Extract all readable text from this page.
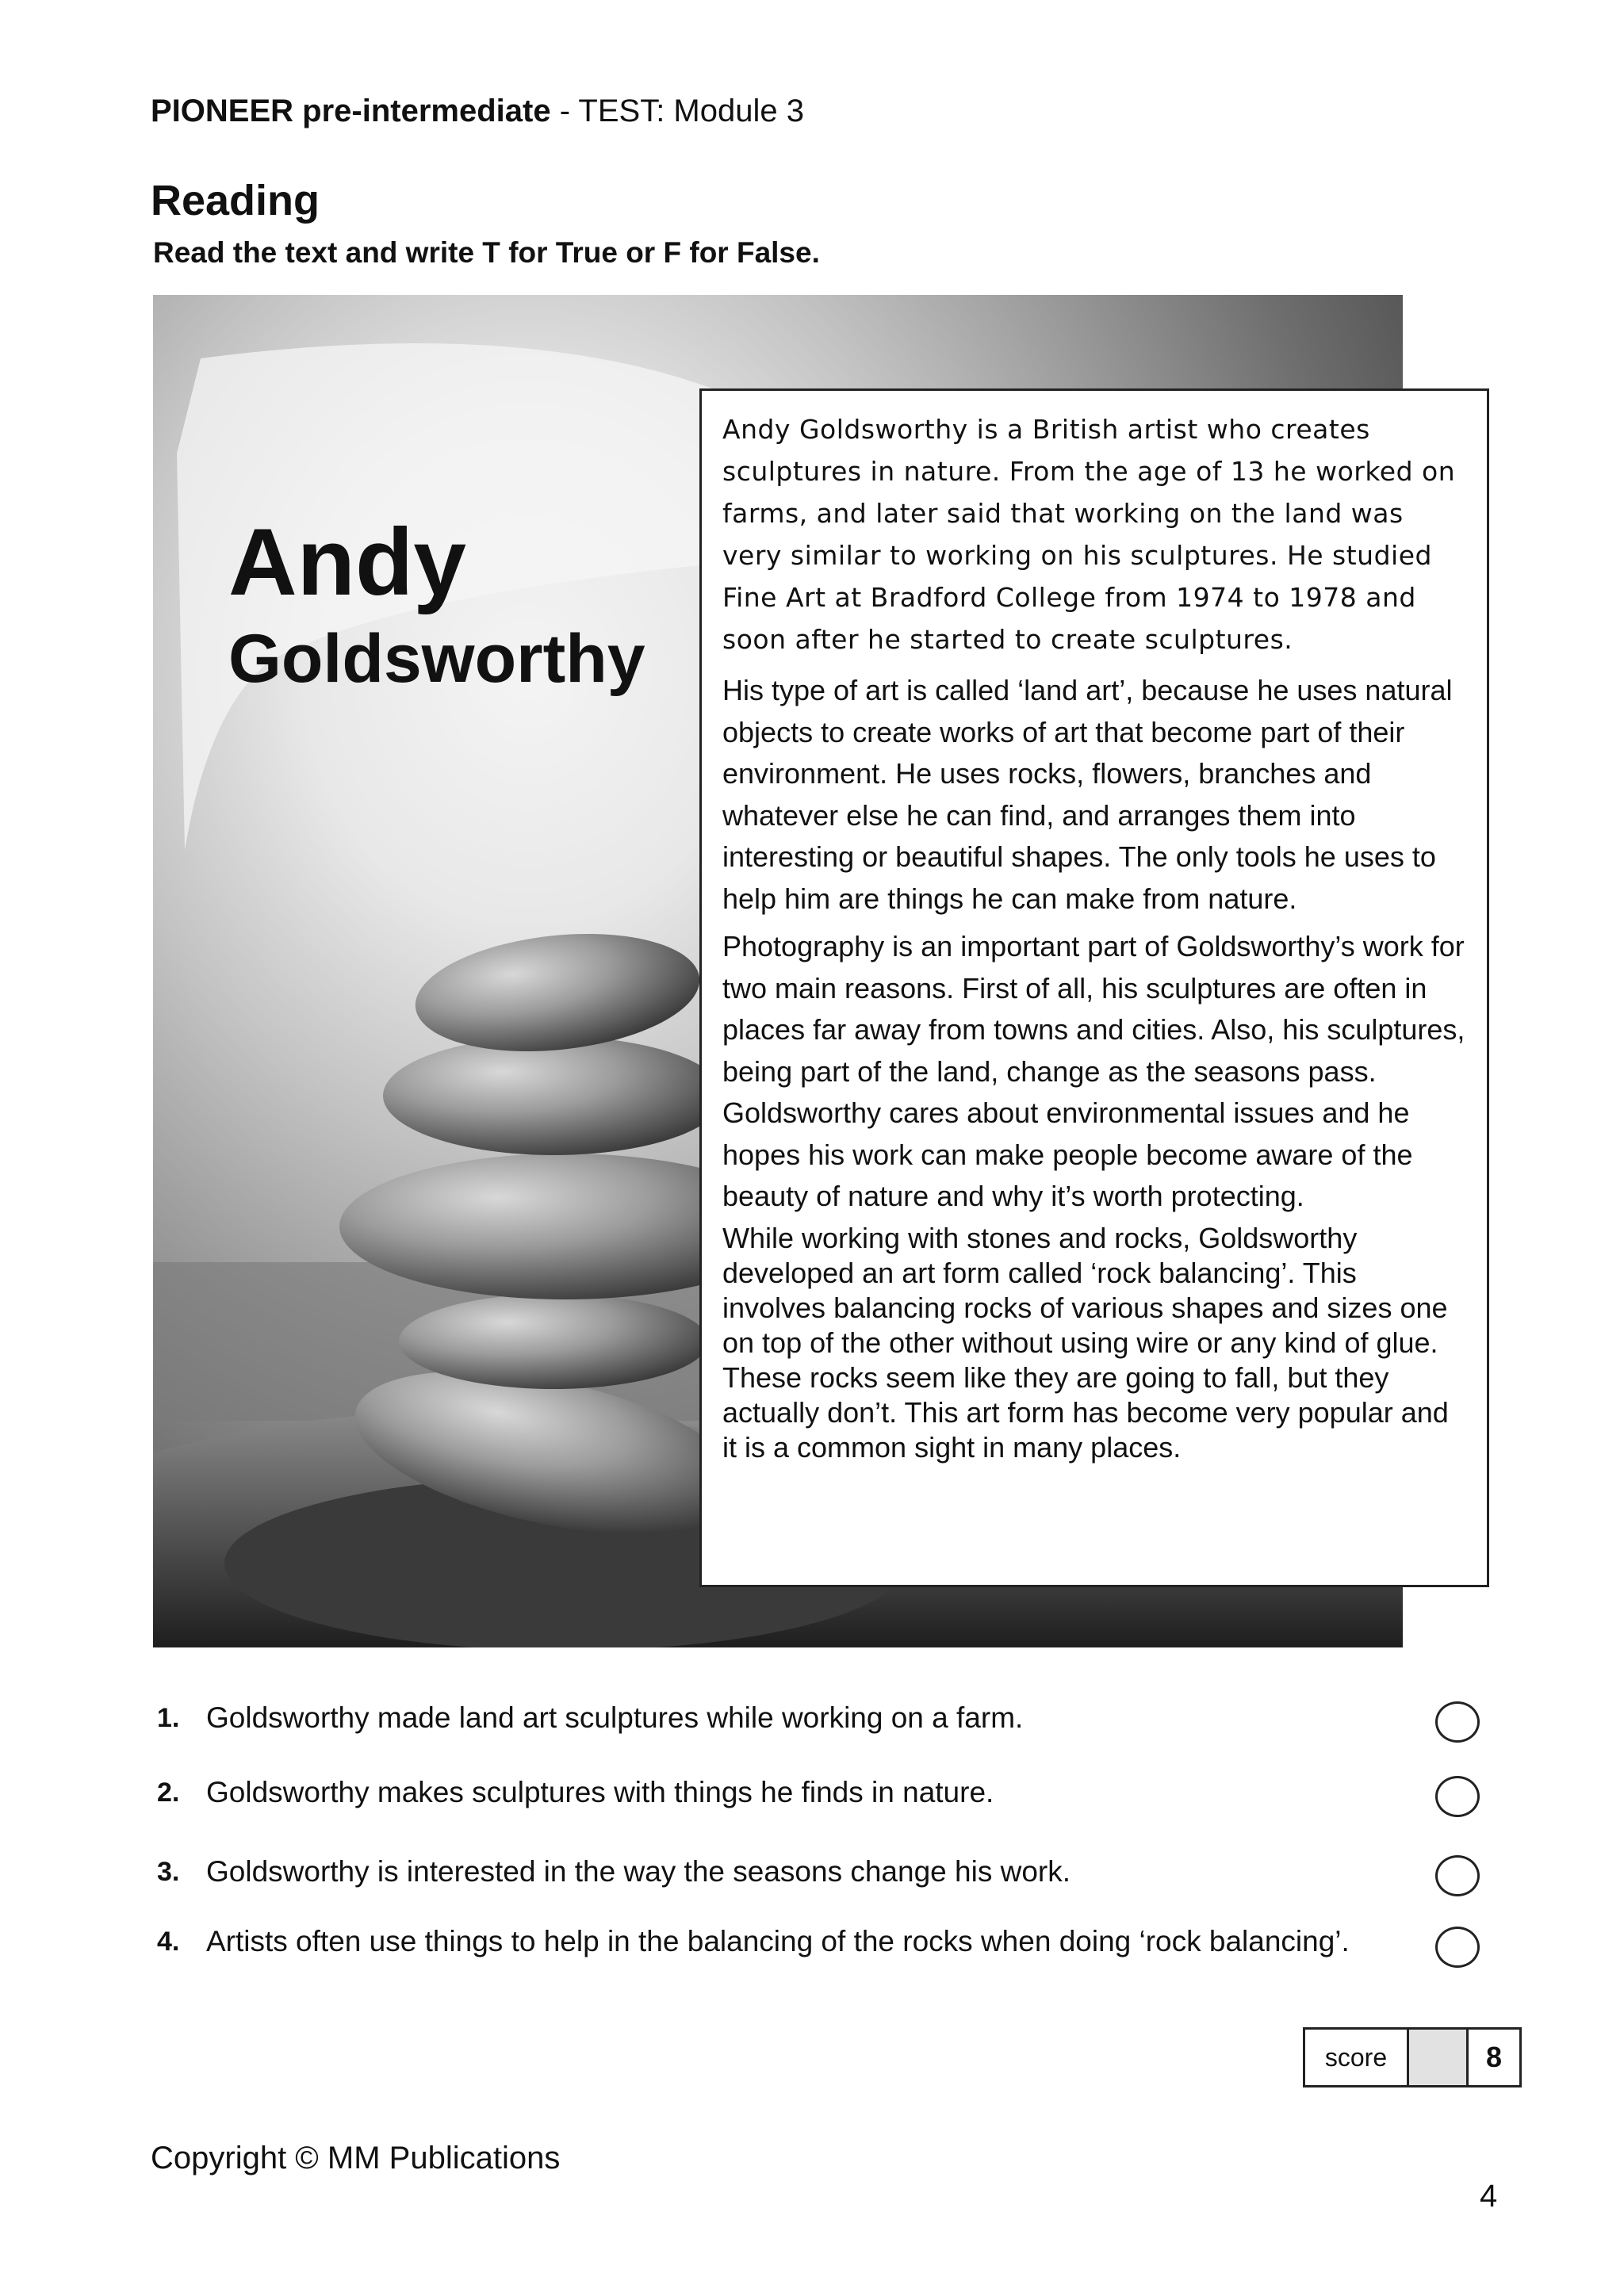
PIONEER pre-intermediate - TEST: Module 3
Reading
Read the text and write T for True or F for False.
Andy
Goldsworthy

Andy Goldsworthy is a British artist who creates sculptures in nature. From the age of 13 he worked on farms, and later said that working on the land was very similar to working on his sculptures. He studied Fine Art at Bradford College from 1974 to 1978 and soon after he started to create sculptures.

His type of art is called ‘land art’, because he uses natural objects to create works of art that become part of their environment. He uses rocks, flowers, branches and whatever else he can find, and arranges them into interesting or beautiful shapes. The only tools he uses to help him are things he can make from nature.

Photography is an important part of Goldsworthy’s work for two main reasons. First of all, his sculptures are often in places far away from towns and cities. Also, his sculptures, being part of the land, change as the seasons pass. Goldsworthy cares about environmental issues and he hopes his work can make people become aware of the beauty of nature and why it’s worth protecting.

While working with stones and rocks, Goldsworthy developed an art form called ‘rock balancing’. This involves balancing rocks of various shapes and sizes one on top of the other without using wire or any kind of glue. These rocks seem like they are going to fall, but they actually don’t. This art form has become very popular and it is a common sight in many places.

1. Goldsworthy made land art sculptures while working on a farm.
2. Goldsworthy makes sculptures with things he finds in nature.
3. Goldsworthy is interested in the way the seasons change his work.
4. Artists often use things to help in the balancing of the rocks when doing ‘rock balancing’.
score	8
Copyright © MM Publications
4
